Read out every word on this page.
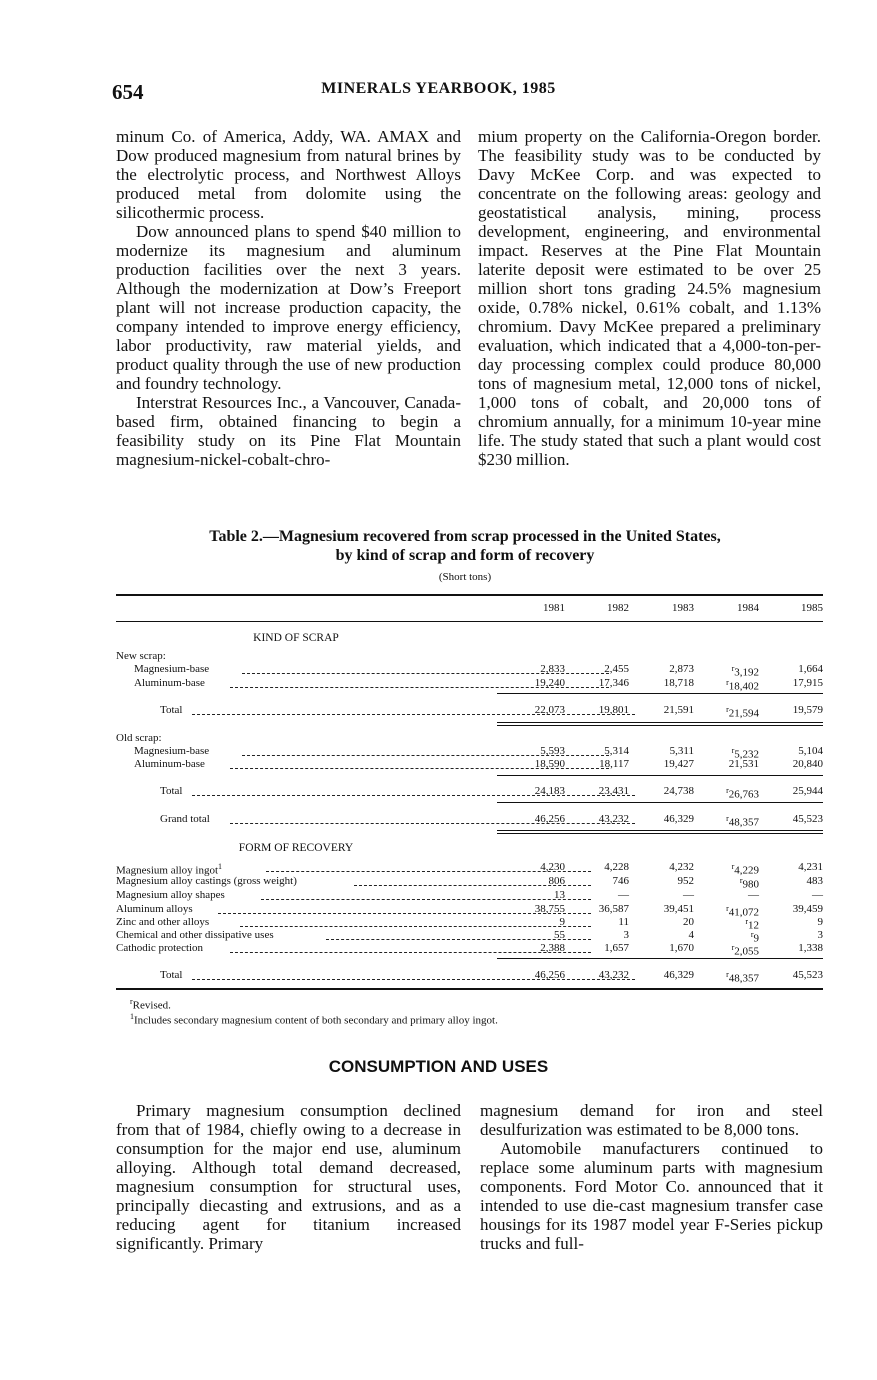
654	MINERALS YEARBOOK, 1985

minum Co. of America, Addy, WA. AMAX and Dow produced magnesium from natural brines by the electrolytic process, and Northwest Alloys produced metal from dolomite using the silicothermic process.

Dow announced plans to spend $40 million to modernize its magnesium and aluminum production facilities over the next 3 years. Although the modernization at Dow’s Freeport plant will not increase production capacity, the company intended to improve energy efficiency, labor productivity, raw material yields, and product quality through the use of new production and foundry technology.

Interstrat Resources Inc., a Vancouver, Canada-based firm, obtained financing to begin a feasibility study on its Pine Flat Mountain magnesium-nickel-cobalt-chro-

mium property on the California-Oregon border. The feasibility study was to be conducted by Davy McKee Corp. and was expected to concentrate on the following areas: geology and geostatistical analysis, mining, process development, engineering, and environmental impact. Reserves at the Pine Flat Mountain laterite deposit were estimated to be over 25 million short tons grading 24.5% magnesium oxide, 0.78% nickel, 0.61% cobalt, and 1.13% chromium. Davy McKee prepared a preliminary evaluation, which indicated that a 4,000-ton-per-day processing complex could produce 80,000 tons of magnesium metal, 12,000 tons of nickel, 1,000 tons of cobalt, and 20,000 tons of chromium annually, for a minimum 10-year mine life. The study stated that such a plant would cost $230 million.

Table 2.—Magnesium recovered from scrap processed in the United States,
by kind of scrap and form of recovery
(Short tons)
1981	1982	1983	1984	1985
KIND OF SCRAP
New scrap:
Magnesium-base	2,833	2,455	2,873	$^r$3,192	1,664
Aluminum-base	19,240	17,346	18,718	$^r$18,402	17,915
Total	22,073	19,801	21,591	$^r$21,594	19,579
Old scrap:
Magnesium-base	5,593	5,314	5,311	$^r$5,232	5,104
Aluminum-base	18,590	18,117	19,427	21,531	20,840
Total	24,183	23,431	24,738	$^r$26,763	25,944
Grand total	46,256	43,232	46,329	$^r$48,357	45,523
FORM OF RECOVERY
Magnesium alloy ingot$^1$	4,230	4,228	4,232	$^r$4,229	4,231
Magnesium alloy castings (gross weight)	806	746	952	$^r$980	483
Magnesium alloy shapes	13	—	—	—	—
Aluminum alloys	38,755	36,587	39,451	$^r$41,072	39,459
Zinc and other alloys	9	11	20	$^r$12	9
Chemical and other dissipative uses	55	3	4	$^r$9	3
Cathodic protection	2,388	1,657	1,670	$^r$2,055	1,338
Total	46,256	43,232	46,329	$^r$48,357	45,523
$^r$Revised.
$^1$Includes secondary magnesium content of both secondary and primary alloy ingot.
CONSUMPTION AND USES

Primary magnesium consumption declined from that of 1984, chiefly owing to a decrease in consumption for the major end use, aluminum alloying. Although total demand decreased, magnesium consumption for structural uses, principally diecasting and extrusions, and as a reducing agent for titanium increased significantly. Primary

magnesium demand for iron and steel desulfurization was estimated to be 8,000 tons.

Automobile manufacturers continued to replace some aluminum parts with magnesium components. Ford Motor Co. announced that it intended to use die-cast magnesium transfer case housings for its 1987 model year F-Series pickup trucks and full-
